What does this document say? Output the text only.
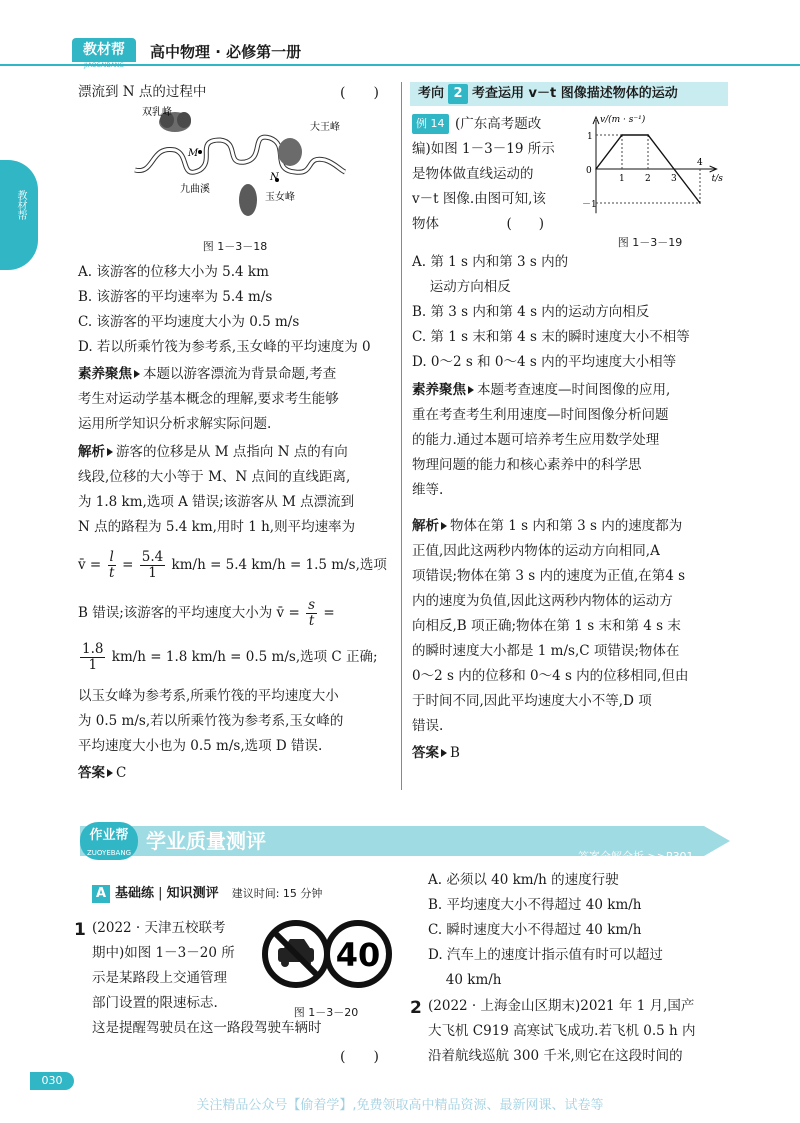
教材帮
JIAOCAIBANG
高中物理 · 必修第一册
教材帮
漂流到 N 点的过程中	(　　)
双乳峰
M
N
大王峰
九曲溪
玉女峰
图 1－3－18
A. 该游客的位移大小为 5.4 km
B. 该游客的平均速率为 5.4 m/s
C. 该游客的平均速度大小为 0.5 m/s
D. 若以所乘竹筏为参考系,玉女峰的平均速度为 0
素养聚焦 本题以游客漂流为背景命题,考查
考生对运动学基本概念的理解,要求考生能够
运用所学知识分析求解实际问题.
解析 游客的位移是从 M 点指向 N 点的有向
线段,位移的大小等于 M、N 点间的直线距离,
为 1.8 km,选项 A 错误;该游客从 M 点漂流到
N 点的路程为 5.4 km,用时 1 h,则平均速率为
v̄ = $\frac{l}{t} = \frac{5.4}{1} km/h = 5.4$ km/h = 1.5 m/s,选项
B 错误;该游客的平均速度大小为 v̄ = $\frac{s}{t}$ =
$\frac{1.8}{1} km/h = 1.8$ km/h = 0.5 m/s,选项 C 正确;
以玉女峰为参考系,所乘竹筏的平均速度大小
为 0.5 m/s,若以所乘竹筏为参考系,玉女峰的
平均速度大小也为 0.5 m/s,选项 D 错误.
答案 C
考向 2 考查运用 v－t 图像描述物体的运动
例 14 (广东高考题改
编)如图 1－3－19 所示
是物体做直线运动的
v－t 图像.由图可知,该
物体　　　　　(　　)
v/(m · s⁻¹)
t/s
1 2 3
4
0
1
－1
图 1－3－19
A. 第 1 s 内和第 3 s 内的
　 运动方向相反
B. 第 3 s 内和第 4 s 内的运动方向相反
C. 第 1 s 末和第 4 s 末的瞬时速度大小不相等
D. 0～2 s 和 0～4 s 内的平均速度大小相等
素养聚焦 本题考查速度—时间图像的应用,
重在考查考生利用速度—时间图像分析问题
的能力.通过本题可培养考生应用数学处理
物理问题的能力和核心素养中的科学思
维等.
解析 物体在第 1 s 内和第 3 s 内的速度都为
正值,因此这两秒内物体的运动方向相同,A
项错误;物体在第 3 s 内的速度为正值,在第4 s
内的速度为负值,因此这两秒内物体的运动方
向相反,B 项正确;物体在第 1 s 末和第 4 s 末
的瞬时速度大小都是 1 m/s,C 项错误;物体在
0～2 s 内的位移和 0～4 s 内的位移相同,但由
于时间不同,因此平均速度大小不等,D 项
错误.
答案 B
作业帮
ZUOYEBANG 学业质量测评
答案全解全析 >>P301
A 基础练 | 知识测评　 建议时间: 15 分钟
1 (2022 · 天津五校联考
期中)如图 1－3－20 所
示是某路段上交通管理
部门设置的限速标志.
这是提醒驾驶员在这一路段驾驶车辆时
(　　)
40
图 1－3－20
A. 必须以 40 km/h 的速度行驶
B. 平均速度大小不得超过 40 km/h
C. 瞬时速度大小不得超过 40 km/h
D. 汽车上的速度计指示值有时可以超过
　 40 km/h
2 (2022 · 上海金山区期末)2021 年 1 月,国产
大飞机 C919 高寒试飞成功.若飞机 0.5 h 内
沿着航线巡航 300 千米,则它在这段时间的
030
关注精品公众号【偷着学】,免费领取高中精品资源、最新网课、试卷等
